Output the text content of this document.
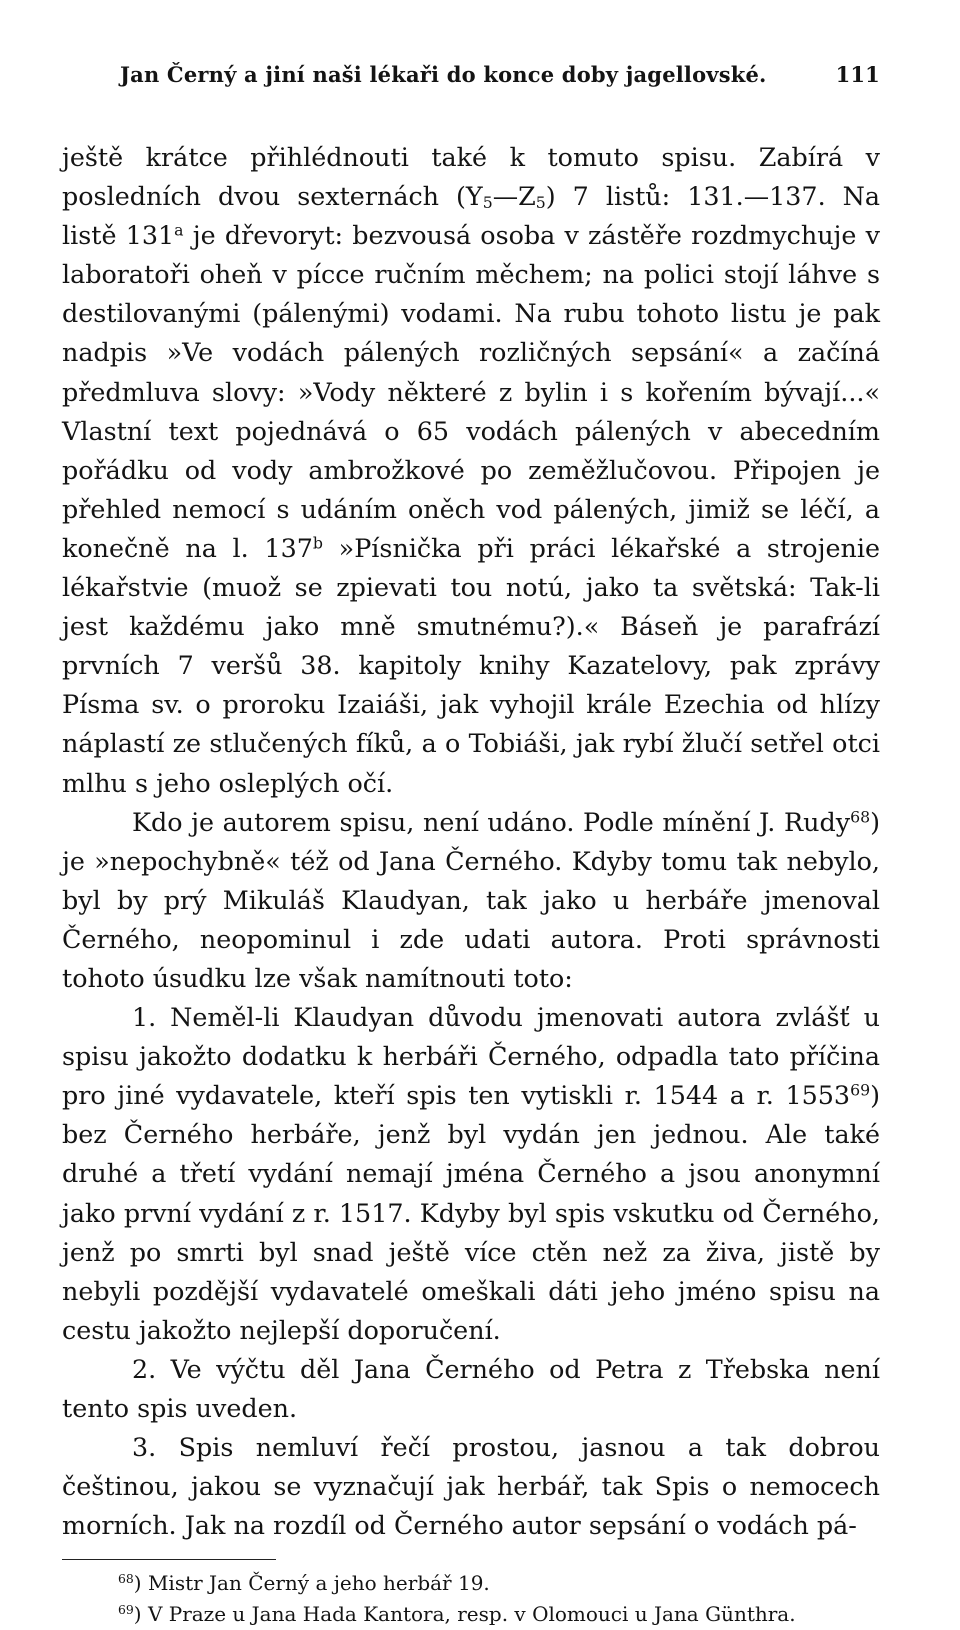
Jan Černý a jiní naši lékaři do konce doby jagellovské.	111

ještě krátce přihlédnouti také k tomuto spisu. Zabírá v posledních dvou sexternách $(Y_5—Z_5)$ 7 listů: 131.—137. Na listě 131$^a$ je dřevoryt: bezvousá osoba v zástěře rozdmychuje v laboratoři oheň v pícce ručním měchem; na polici stojí láhve s destilovanými (pálenými) vodami. Na rubu tohoto listu je pak nadpis »Ve vodách pálených rozličných sepsání« a začíná předmluva slovy: »Vody některé z bylin i s kořením bývají...« Vlastní text pojednává o 65 vodách pálených v abecedním pořádku od vody ambrožkové po zeměžlučovou. Připojen je přehled nemocí s udáním oněch vod pálených, jimiž se léčí, a konečně na l. 137$^b$ »Písnička při práci lékařské a strojenie lékařstvie (muož se zpievati tou notú, jako ta světská: Tak-li jest každému jako mně smutnému?).« Báseň je parafrází prvních 7 veršů 38. kapitoly knihy Kazatelovy, pak zprávy Písma sv. o proroku Izaiáši, jak vyhojil krále Ezechia od hlízy náplastí ze stlučených fíků, a o Tobiáši, jak rybí žlučí setřel otci mlhu s jeho oslepl‌ých očí.

Kdo je autorem spisu, není udáno. Podle mínění J. Rudy$^{68}$) je »nepochybně« též od Jana Černého. Kdyby tomu tak nebylo, byl by prý Mikuláš Klaudyan, tak jako u herbáře jmenoval Černého, neopominul i zde udati autora. Proti správnosti tohoto úsudku lze však namítnouti toto:

1. Neměl-li Klaudyan důvodu jmenovati autora zvlášť u spisu jakožto dodatku k herbáři Černého, odpadla tato příčina pro jiné vydavatele, kteří spis ten vytiskli r. 1544 a r. 1553$^{69}$) bez Černého herbáře, jenž byl vydán jen jednou. Ale také druhé a třetí vydání nemají jména Černého a jsou anonymní jako první vydání z r. 1517. Kdyby byl spis vskutku od Černého, jenž po smrti byl snad ještě více ctěn než za živa, jistě by nebyli pozdější vydavatelé omeškali dáti jeho jméno spisu na cestu jakožto nejlepší doporučení.

2. Ve výčtu děl Jana Černého od Petra z Třebska není tento spis uveden.

3. Spis nemluví řečí prostou, jasnou a tak dobrou češtinou, jakou se vyznačují jak herbář, tak Spis o nemocech morních. Jak na rozdíl od Černého autor sepsání o vodách pá-

$^{68}$) Mistr Jan Černý a jeho herbář 19.

$^{69}$) V Praze u Jana Hada Kantora, resp. v Olomouci u Jana Günthra.
